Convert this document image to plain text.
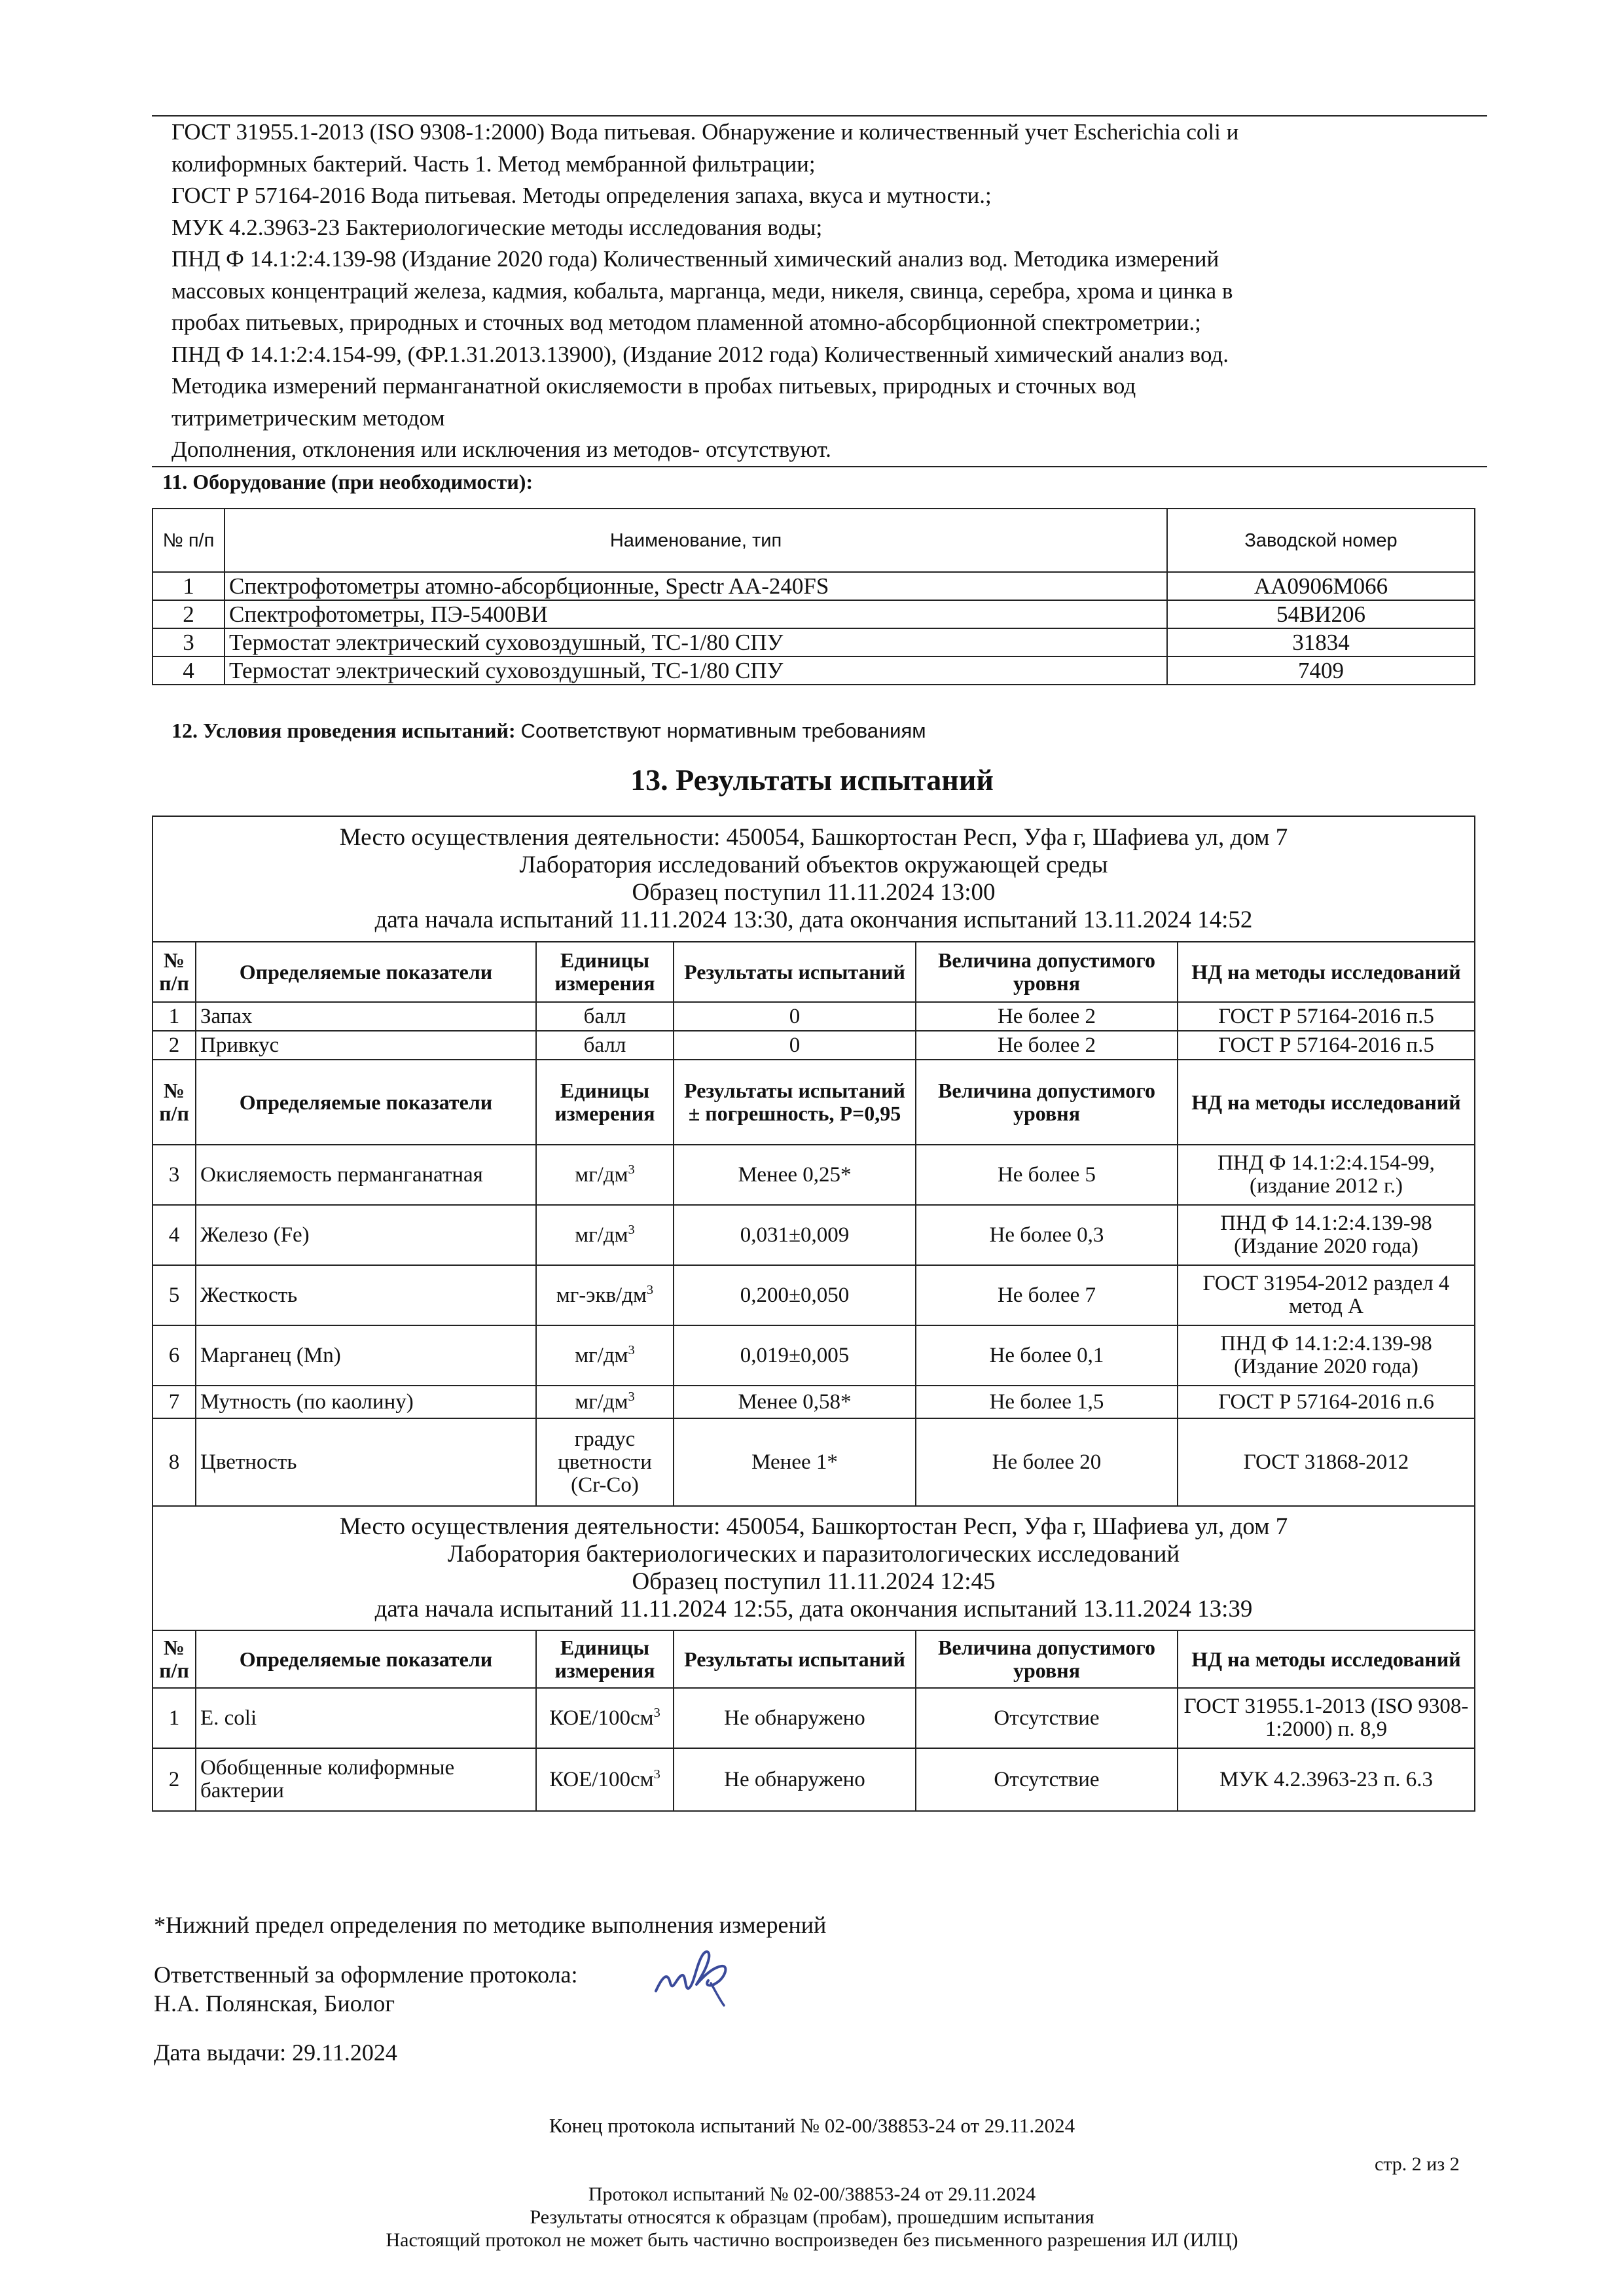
ГОСТ 31955.1-2013 (ISO 9308-1:2000) Вода питьевая. Обнаружение и количественный учет Escherichia coli и
колиформных бактерий. Часть 1. Метод мембранной фильтрации;
ГОСТ Р 57164-2016 Вода питьевая. Методы определения запаха, вкуса и мутности.;
МУК 4.2.3963-23 Бактериологические методы исследования воды;
ПНД Ф 14.1:2:4.139-98 (Издание 2020 года) Количественный химический анализ вод. Методика измерений
массовых концентраций железа, кадмия, кобальта, марганца, меди, никеля, свинца, серебра, хрома и цинка в
пробах питьевых, природных и сточных вод методом пламенной атомно-абсорбционной спектрометрии.;
ПНД Ф 14.1:2:4.154-99, (ФР.1.31.2013.13900), (Издание 2012 года) Количественный химический анализ вод.
Методика измерений перманганатной окисляемости в пробах питьевых, природных и сточных вод
титриметрическим методом
Дополнения, отклонения или исключения из методов- отсутствуют.
11. Оборудование (при необходимости):
№ п/п	Наименование, тип	Заводской номер
1	Спектрофотометры атомно-абсорбционные, Spectr AA-240FS	AA0906M066
2	Спектрофотометры, ПЭ-5400ВИ	54ВИ206
3	Термостат электрический суховоздушный, ТС-1/80 СПУ	31834
4	Термостат электрический суховоздушный, ТС-1/80 СПУ	7409
12. Условия проведения испытаний: Соответствуют нормативным требованиям
13. Результаты испытаний
Место осуществления деятельности: 450054, Башкортостан Респ, Уфа г, Шафиева ул, дом 7
Лаборатория исследований объектов окружающей среды
Образец поступил 11.11.2024 13:00
дата начала испытаний 11.11.2024 13:30, дата окончания испытаний 13.11.2024 14:52					

№ п/п	Определяемые показатели	Единицы измерения	Результаты испытаний	Величина допустимого уровня	НД на методы исследований
1	Запах	балл	0	Не более 2	ГОСТ Р 57164-2016 п.5
2	Привкус	балл	0	Не более 2	ГОСТ Р 57164-2016 п.5
№ п/п	Определяемые показатели	Единицы измерения	Результаты испытаний ± погрешность, P=0,95	Величина допустимого уровня	НД на методы исследований
3	Окисляемость перманганатная	$мг/дм^3$	Менее 0,25*	Не более 5	ПНД Ф 14.1:2:4.154-99, (издание 2012 г.)
4	Железо (Fe)	$мг/дм^3$	0,031±0,009	Не более 0,3	ПНД Ф 14.1:2:4.139-98 (Издание 2020 года)
5	Жесткость	$мг-экв/дм^3$	0,200±0,050	Не более 7	ГОСТ 31954-2012 раздел 4 метод А
6	Марганец (Mn)	$мг/дм^3$	0,019±0,005	Не более 0,1	ПНД Ф 14.1:2:4.139-98 (Издание 2020 года)
7	Мутность (по каолину)	$мг/дм^3$	Менее 0,58*	Не более 1,5	ГОСТ Р 57164-2016 п.6
8	Цветность	градус цветности (Cr-Co)	Менее 1*	Не более 20	ГОСТ 31868-2012

Место осуществления деятельности: 450054, Башкортостан Респ, Уфа г, Шафиева ул, дом 7
Лаборатория бактериологических и паразитологических исследований
Образец поступил 11.11.2024 12:45
дата начала испытаний 11.11.2024 12:55, дата окончания испытаний 13.11.2024 13:39					

№ п/п	Определяемые показатели	Единицы измерения	Результаты испытаний	Величина допустимого уровня	НД на методы исследований
1	E. coli	КОЕ/$100см^3$	Не обнаружено	Отсутствие	ГОСТ 31955.1-2013 (ISO 9308-1:2000) п. 8,9
2	Обобщенные колиформные бактерии	КОЕ/$100см^3$	Не обнаружено	Отсутствие	МУК 4.2.3963-23 п. 6.3
*Нижний предел определения по методике выполнения измерений
Ответственный за оформление протокола:
Н.А. Полянская, Биолог
Дата выдачи: 29.11.2024
Конец протокола испытаний № 02-00/38853-24 от 29.11.2024
стр. 2 из 2
Протокол испытаний № 02-00/38853-24 от 29.11.2024
Результаты относятся к образцам (пробам), прошедшим испытания
Настоящий протокол не может быть частично воспроизведен без письменного разрешения ИЛ (ИЛЦ)
